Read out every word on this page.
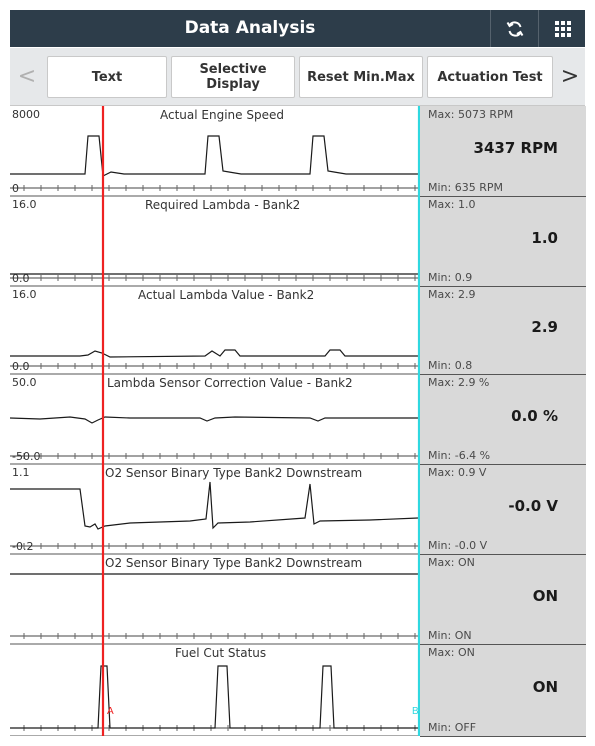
Data Analysis
<	Text	Selective Display	Reset Min.Max	Actuation Test >
A	B
Actual Engine Speed
8000
0
Required Lambda - Bank2
16.0
0.0
Actual Lambda Value - Bank2
16.0
0.0
Lambda Sensor Correction Value - Bank2
50.0
-50.0
O2 Sensor Binary Type Bank2 Downstream
1.1
-0.2
O2 Sensor Binary Type Bank2 Downstream
Fuel Cut Status
Max: 5073 RPM
3437 RPM
Min: 635 RPM
Max: 1.0
1.0
Min: 0.9
Max: 2.9
2.9
Min: 0.8
Max: 2.9 %
0.0 %
Min: -6.4 %
Max: 0.9 V
-0.0 V
Min: -0.0 V
Max: ON
ON
Min: ON
Max: ON
ON
Min: OFF
